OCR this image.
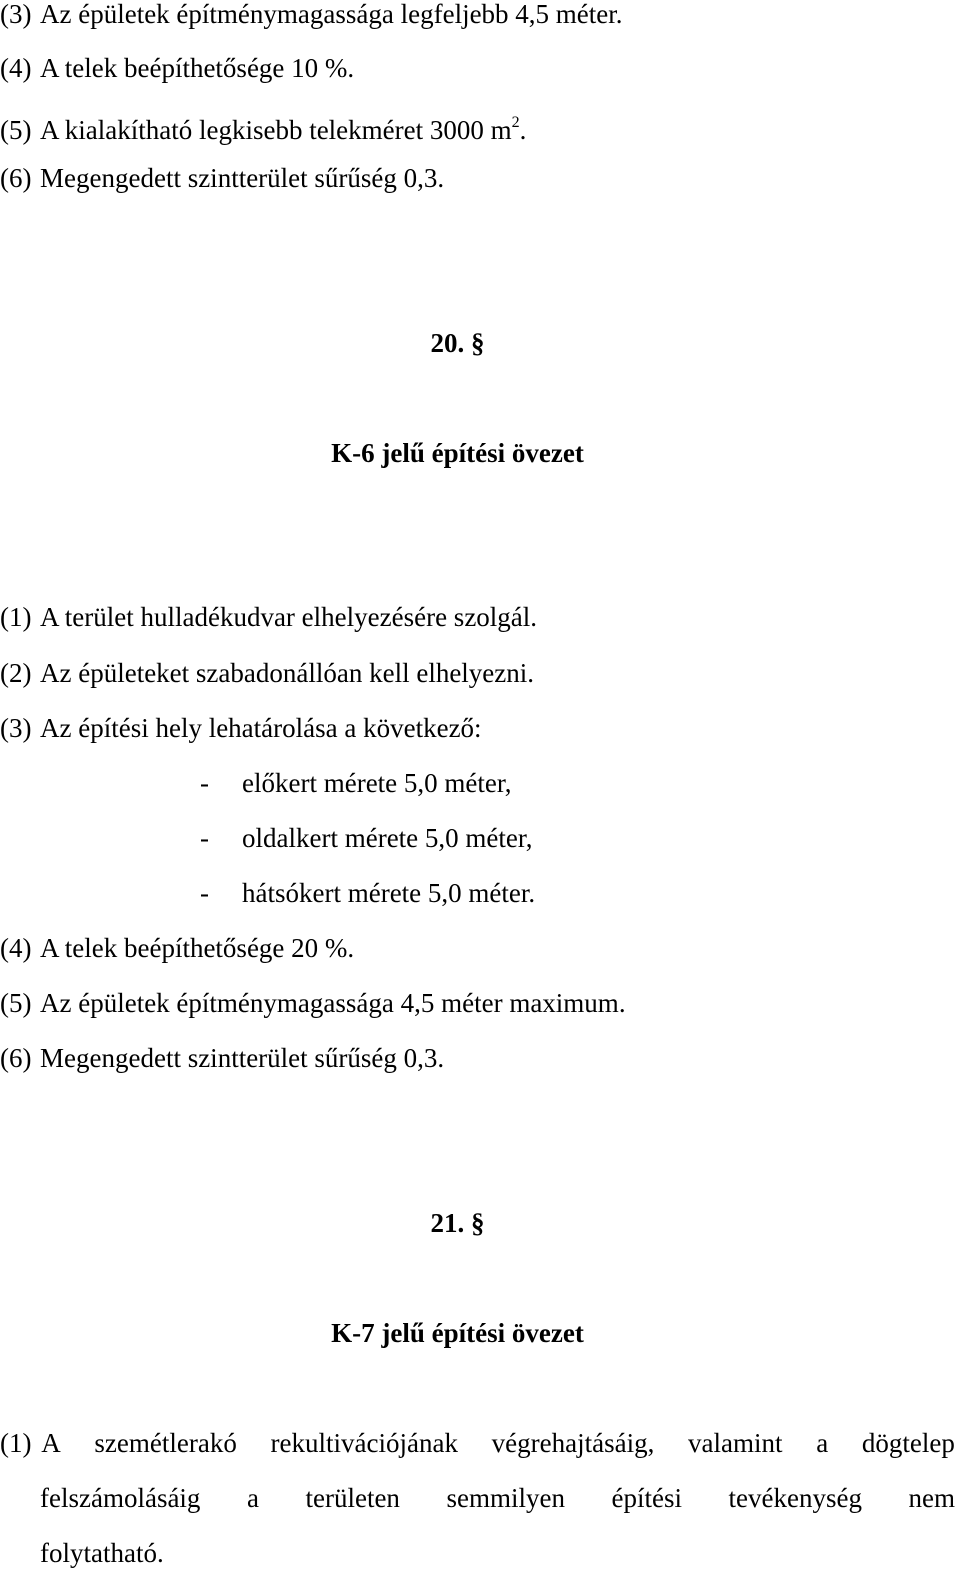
(3) Az épületek építménymagassága legfeljebb 4,5 méter.
(4) A telek beépíthetősége 10 %.
(5) A kialakítható legkisebb telekméret 3000 $m^2$.
(6) Megengedett szintterület sűrűség 0,3.
20. §
K-6 jelű építési övezet
(1) A terület hulladékudvar elhelyezésére szolgál.
(2) Az épületeket szabadonállóan kell elhelyezni.
(3) Az építési hely lehatárolása a következő:
- előkert mérete 5,0 méter,
- oldalkert mérete 5,0 méter,
- hátsókert mérete 5,0 méter.
(4) A telek beépíthetősége 20 %.
(5) Az épületek építménymagassága 4,5 méter maximum.
(6) Megengedett szintterület sűrűség 0,3.
21. §
K-7 jelű építési övezet
(1) A szemétlerakó rekultivációjának végrehajtásáig, valamint a dögtelep
felszámolásáig a területen semmilyen építési tevékenység nem
folytatható.
